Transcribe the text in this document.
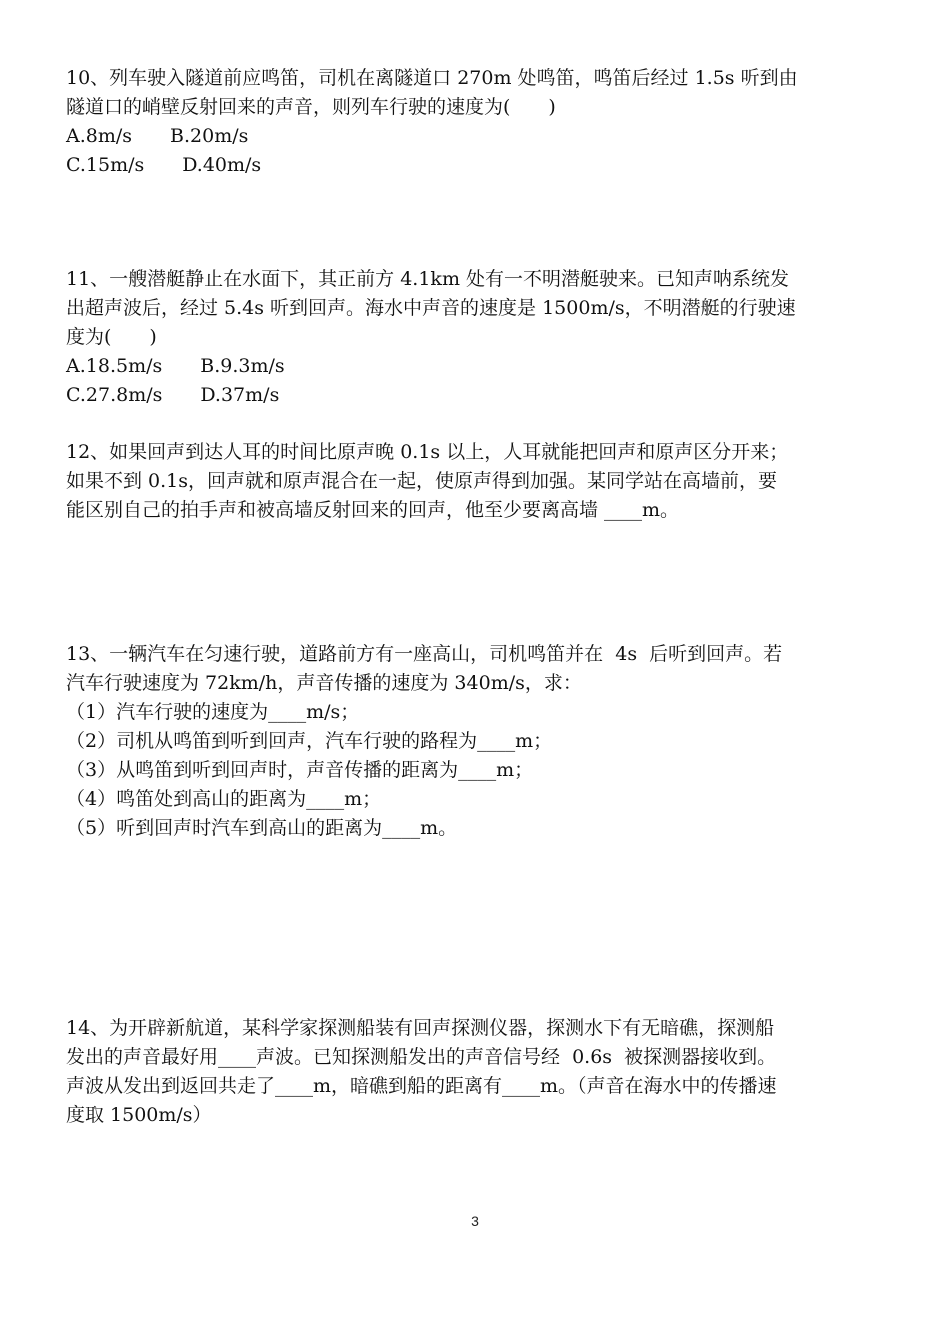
10、列车驶入隧道前应鸣笛，司机在离隧道口 270m 处鸣笛，鸣笛后经过 1.5s 听到由
隧道口的峭壁反射回来的声音，则列车行驶的速度为(　　)
A.8m/s　　B.20m/s
C.15m/s　　D.40m/s
11、一艘潜艇静止在水面下，其正前方 4.1km 处有一不明潜艇驶来。已知声呐系统发
出超声波后，经过 5.4s 听到回声。海水中声音的速度是 1500m/s，不明潜艇的行驶速
度为(　　)
A.18.5m/s　　B.9.3m/s
C.27.8m/s　　D.37m/s
12、如果回声到达人耳的时间比原声晚 0.1s 以上，人耳就能把回声和原声区分开来；
如果不到 0.1s，回声就和原声混合在一起，使原声得到加强。某同学站在高墙前，要
能区别自己的拍手声和被高墙反射回来的回声，他至少要离高墙 ____m。
13、一辆汽车在匀速行驶，道路前方有一座高山，司机鸣笛并在  4s  后听到回声。若
汽车行驶速度为 72km/h，声音传播的速度为 340m/s，求：
（1）汽车行驶的速度为____m/s；
（2）司机从鸣笛到听到回声，汽车行驶的路程为____m；
（3）从鸣笛到听到回声时，声音传播的距离为____m；
（4）鸣笛处到高山的距离为____m；
（5）听到回声时汽车到高山的距离为____m。
14、为开辟新航道，某科学家探测船装有回声探测仪器，探测水下有无暗礁，探测船
发出的声音最好用____声波。已知探测船发出的声音信号经  0.6s  被探测器接收到。
声波从发出到返回共走了____m，暗礁到船的距离有____m。（声音在海水中的传播速
度取 1500m/s）
3
